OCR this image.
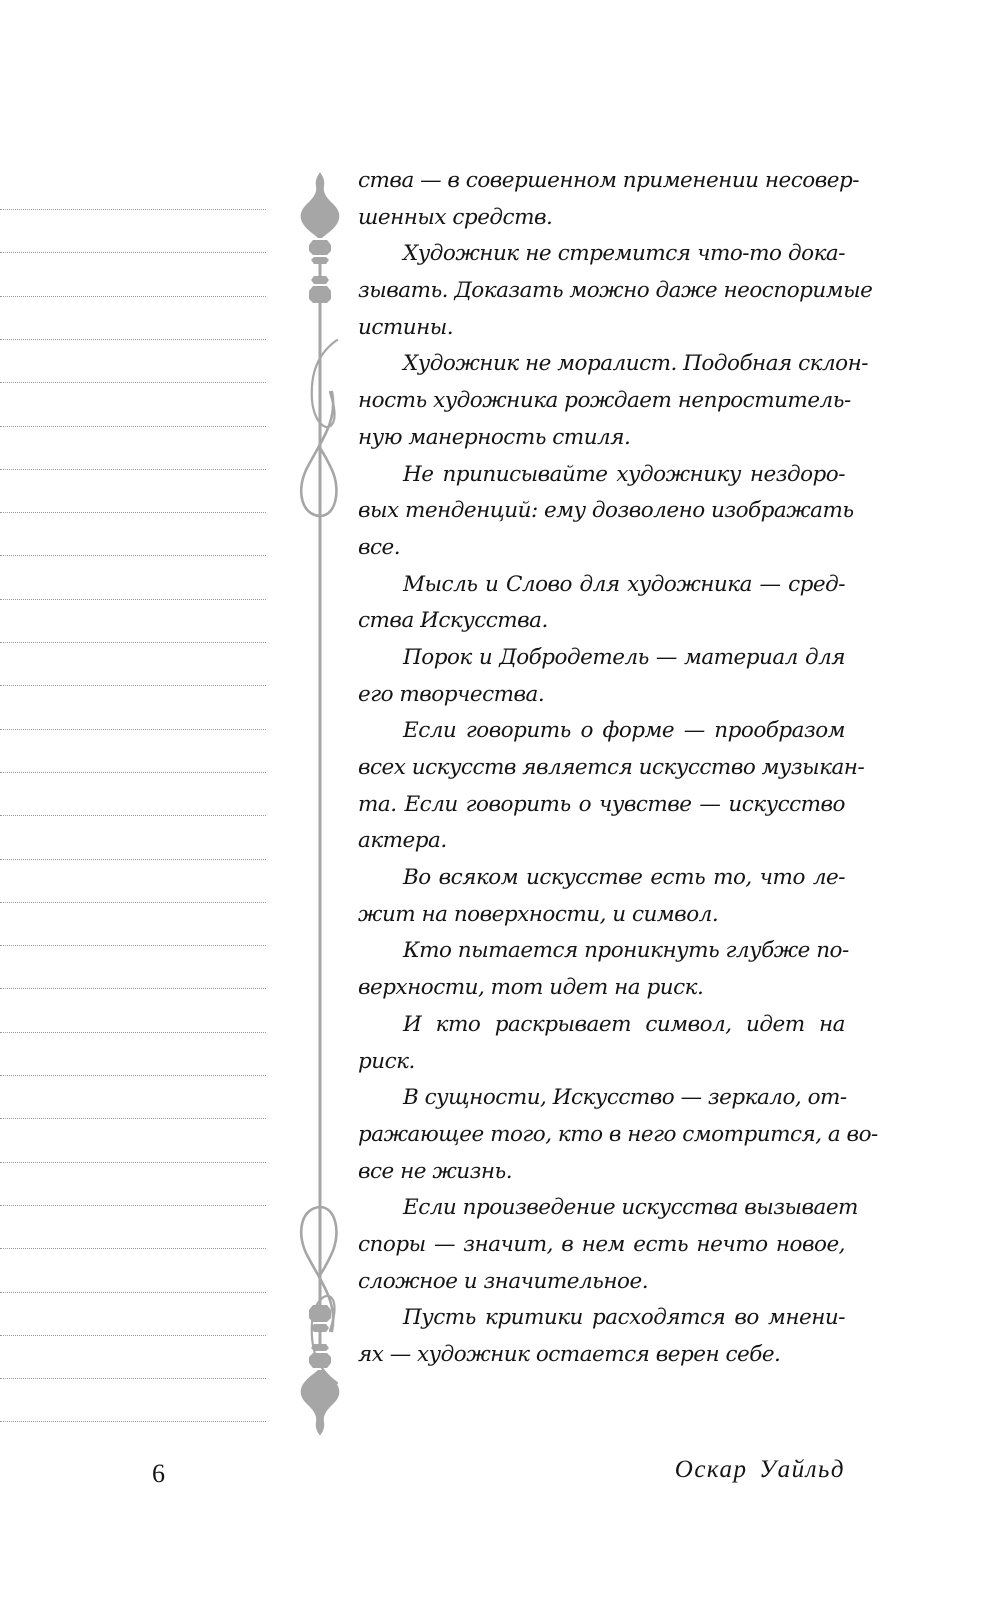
ства — в совершенном применении несовер-
шенных средств.
Художник не стремится что-то дока-
зывать. Доказать можно даже неоспоримые
истины.
Художник не моралист. Подобная склон-
ность художника рождает непроститель-
ную манерность стиля.
Не приписывайте художнику нездоро-
вых тенденций: ему дозволено изображать
все.
Мысль и Слово для художника — сред-
ства Искусства.
Порок и Добродетель — материал для
его творчества.
Если говорить о форме — прообразом
всех искусств является искусство музыкан-
та. Если говорить о чувстве — искусство
актера.
Во всяком искусстве есть то, что ле-
жит на поверхности, и символ.
Кто пытается проникнуть глубже по-
верхности, тот идет на риск.
И кто раскрывает символ, идет на
риск.
В сущности, Искусство — зеркало, от-
ражающее того, кто в него смотрится, а во-
все не жизнь.
Если произведение искусства вызывает
споры — значит, в нем есть нечто новое,
сложное и значительное.
Пусть критики расходятся во мнени-
ях — художник остается верен себе.
6	Оскар Уайльд
